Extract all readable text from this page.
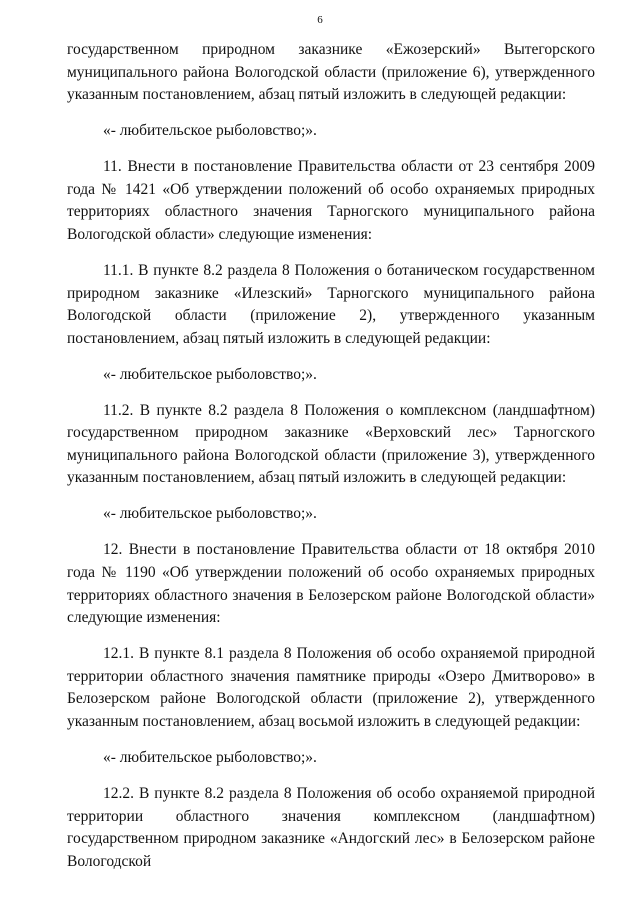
6

государственном природном заказнике «Ежозерский» Вытегорского муниципального района Вологодской области (приложение 6), утвержденного указанным постановлением, абзац пятый изложить в следующей редакции:

«- любительское рыболовство;».

11. Внести в постановление Правительства области от 23 сентября 2009 года № 1421 «Об утверждении положений об особо охраняемых природных территориях областного значения Тарногского муниципального района Вологодской области» следующие изменения:

11.1. В пункте 8.2 раздела 8 Положения о ботаническом государственном природном заказнике «Илезский» Тарногского муниципального района Вологодской области (приложение 2), утвержденного указанным постановлением, абзац пятый изложить в следующей редакции:

«- любительское рыболовство;».

11.2. В пункте 8.2 раздела 8 Положения о комплексном (ландшафтном) государственном природном заказнике «Верховский лес» Тарногского муниципального района Вологодской области (приложение 3), утвержденного указанным постановлением, абзац пятый изложить в следующей редакции:

«- любительское рыболовство;».

12. Внести в постановление Правительства области от 18 октября 2010 года № 1190 «Об утверждении положений об особо охраняемых природных территориях областного значения в Белозерском районе Вологодской области» следующие изменения:

12.1. В пункте 8.1 раздела 8 Положения об особо охраняемой природной территории областного значения памятнике природы «Озеро Дмитворово» в Белозерском районе Вологодской области (приложение 2), утвержденного указанным постановлением, абзац восьмой изложить в следующей редакции:

«- любительское рыболовство;».

12.2. В пункте 8.2 раздела 8 Положения об особо охраняемой природной территории областного значения комплексном (ландшафтном) государственном природном заказнике «Андогский лес» в Белозерском районе Вологодской
